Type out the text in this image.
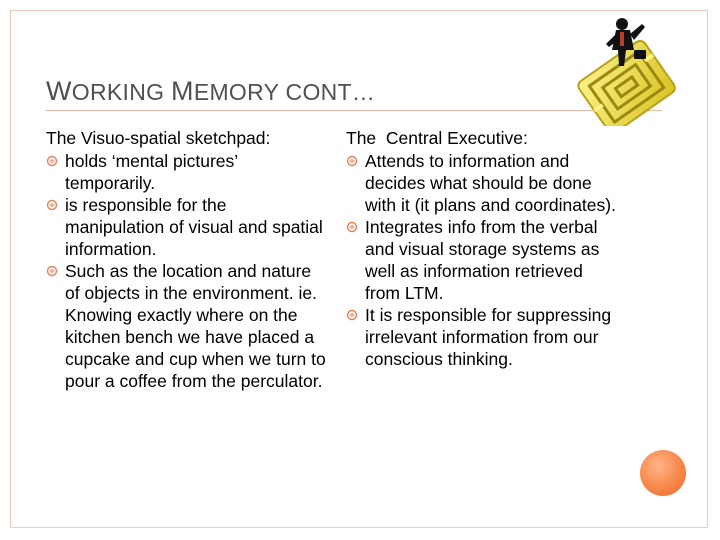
WORKING MEMORY CONT…
The Visuo-spatial sketchpad:
holds ‘mental pictures’ temporarily.
is responsible for the manipulation of visual and spatial information.
Such as the location and nature of objects in the environment. ie. Knowing exactly where on the kitchen bench we have placed a cupcake and cup when we turn to pour a coffee from the perculator.
The  Central Executive:
Attends to information and decides what should be done with it (it plans and coordinates).
Integrates info from the verbal and visual storage systems as well as information retrieved from LTM.
It is responsible for suppressing irrelevant information from our conscious thinking.
